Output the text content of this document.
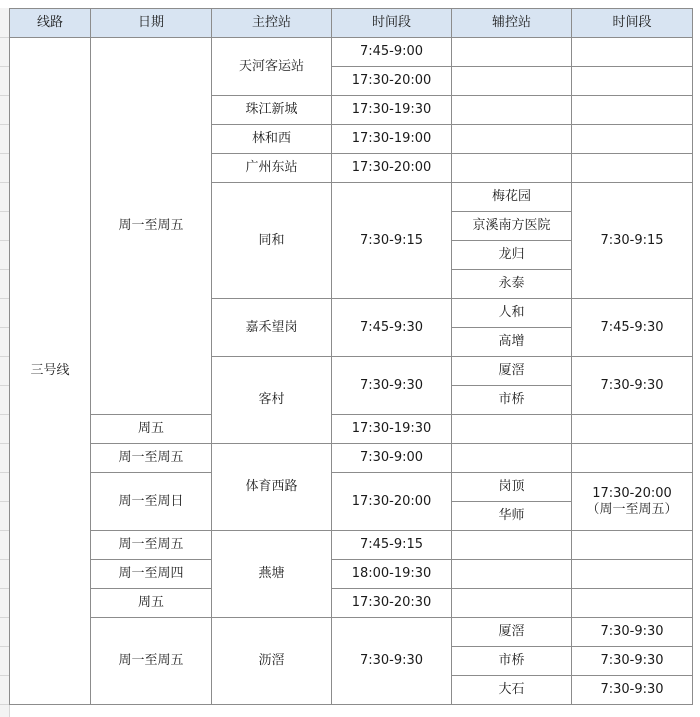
线路	日期	主控站	时间段	辅控站	时间段
三号线	周一至周五	天河客运站	7:45-9:00		
			17:30-20:00		
		珠江新城	17:30-19:30		
		林和西	17:30-19:00		
		广州东站	17:30-20:00		
		同和	7:30-9:15	梅花园	7:30-9:15
				京溪南方医院	
				龙归	
				永泰	
		嘉禾望岗	7:45-9:30	人和	7:45-9:30
				高增	
		客村	7:30-9:30	厦滘	7:30-9:30
				市桥	
	周五		17:30-19:30		
	周一至周五	体育西路	7:30-9:00		
	周一至周日		17:30-20:00	岗顶	17:30-20:00
（周一至周五）

				华师	
	周一至周五	燕塘	7:45-9:15		
	周一至周四		18:00-19:30		
	周五		17:30-20:30		
	周一至周五	沥滘	7:30-9:30	厦滘	7:30-9:30
				市桥	7:30-9:30
				大石	7:30-9:30
